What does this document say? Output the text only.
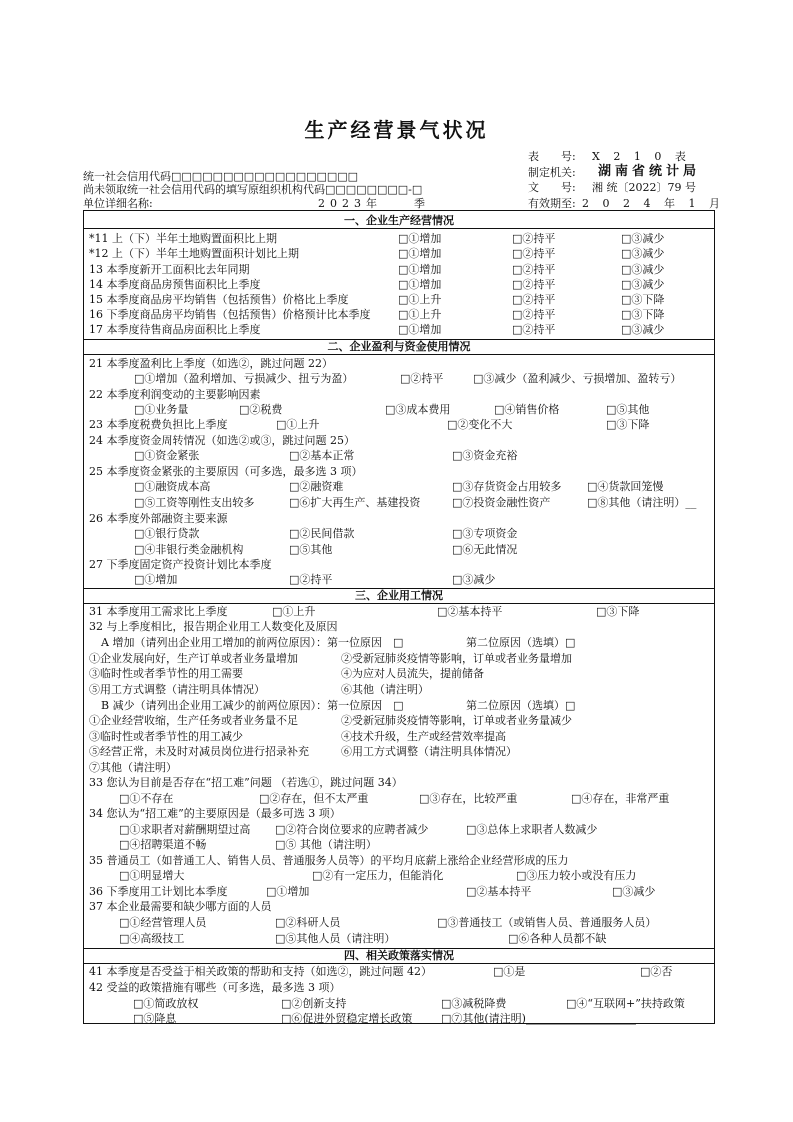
生产经营景气状况
统一社会信用代码□□□□□□□□□□□□□□□□□□
尚未领取统一社会信用代码的填写原组织机构代码□□□□□□□□-□
单位详细名称:	2023年　　季
表　　号: X 2 1 0 表
制定机关: 湖南省统计局
文　　号: 湘 统〔2022〕79 号
有效期至: 2 0 2 4 年 1 月
一、企业生产经营情况
*11 上（下）半年土地购置面积比上期	□①增加	□②持平	□③减少
*12 上（下）半年土地购置面积计划比上期	□①增加	□②持平	□③减少
13 本季度新开工面积比去年同期	□①增加	□②持平	□③减少
14 本季度商品房预售面积比上季度	□①增加	□②持平	□③减少
15 本季度商品房平均销售（包括预售）价格比上季度	□①上升	□②持平	□③下降
16 下季度商品房平均销售（包括预售）价格预计比本季度	□①上升	□②持平	□③下降
17 本季度待售商品房面积比上季度	□①增加	□②持平	□③减少
二、企业盈利与资金使用情况
21 本季度盈利比上季度（如选②，跳过问题 22）
□①增加（盈利增加、亏损减少、扭亏为盈）	□②持平	□③减少（盈利减少、亏损增加、盈转亏）
22 本季度利润变动的主要影响因素
□①业务量	□②税费	□③成本费用	□④销售价格	□⑤其他
23 本季度税费负担比上季度	□①上升	□②变化不大	□③下降
24 本季度资金周转情况（如选②或③，跳过问题 25）
□①资金紧张	□②基本正常	□③资金充裕
25 本季度资金紧张的主要原因（可多选，最多选 3 项）
□①融资成本高	□②融资难	□③存货资金占用较多 □④货款回笼慢
□⑤工资等刚性支出较多	□⑥扩大再生产、基建投资	□⑦投资金融性资产	□⑧其他（请注明）__
26 本季度外部融资主要来源
□①银行贷款	□②民间借款	□③专项资金
□④非银行类金融机构	□⑤其他	□⑥无此情况
27 下季度固定资产投资计划比本季度
□①增加	□②持平	□③减少
三、企业用工情况
31 本季度用工需求比上季度	□①上升	□②基本持平	□③下降
32 与上季度相比，报告期企业用工人数变化及原因
A 增加（请列出企业用工增加的前两位原因）：第一位原因　□	第二位原因（选填）□
①企业发展向好，生产订单或者业务量增加	②受新冠肺炎疫情等影响，订单或者业务量增加
③临时性或者季节性的用工需要	④为应对人员流失，提前储备
⑤用工方式调整（请注明具体情况）	⑥其他（请注明）
B 减少（请列出企业用工减少的前两位原因）：第一位原因　□	第二位原因（选填）□
①企业经营收缩，生产任务或者业务量不足	②受新冠肺炎疫情等影响，订单或者业务量减少
③临时性或者季节性的用工减少	④技术升级，生产或经营效率提高
⑤经营正常，未及时对减员岗位进行招录补充	⑥用工方式调整（请注明具体情况）
⑦其他（请注明）
33 您认为目前是否存在“招工难”问题 （若选①，跳过问题 34）
□①不存在	□②存在，但不太严重	□③存在，比较严重	□④存在，非常严重
34 您认为“招工难”的主要原因是（最多可选 3 项）
□①求职者对薪酬期望过高 □②符合岗位要求的应聘者减少	□③总体上求职者人数减少
□④招聘渠道不畅	□⑤ 其他（请注明）
35 普通员工（如普通工人、销售人员、普通服务人员等）的平均月底薪上涨给企业经营形成的压力
□①明显增大	□②有一定压力，但能消化	□③压力较小或没有压力
36 下季度用工计划比本季度	□①增加	□②基本持平	□③减少
37 本企业最需要和缺少哪方面的人员
□①经营管理人员	□②科研人员	□③普通技工（或销售人员、普通服务人员）
□④高级技工	□⑤其他人员（请注明）	□⑥各种人员都不缺
四、相关政策落实情况
41 本季度是否受益于相关政策的帮助和支持（如选②，跳过问题 42）	□①是	□②否
42 受益的政策措施有哪些（可多选，最多选 3 项）
□①简政放权	□②创新支持	□③减税降费	□④“互联网+”扶持政策
□⑤降息	□⑥促进外贸稳定增长政策	□⑦其他(请注明)____________________
